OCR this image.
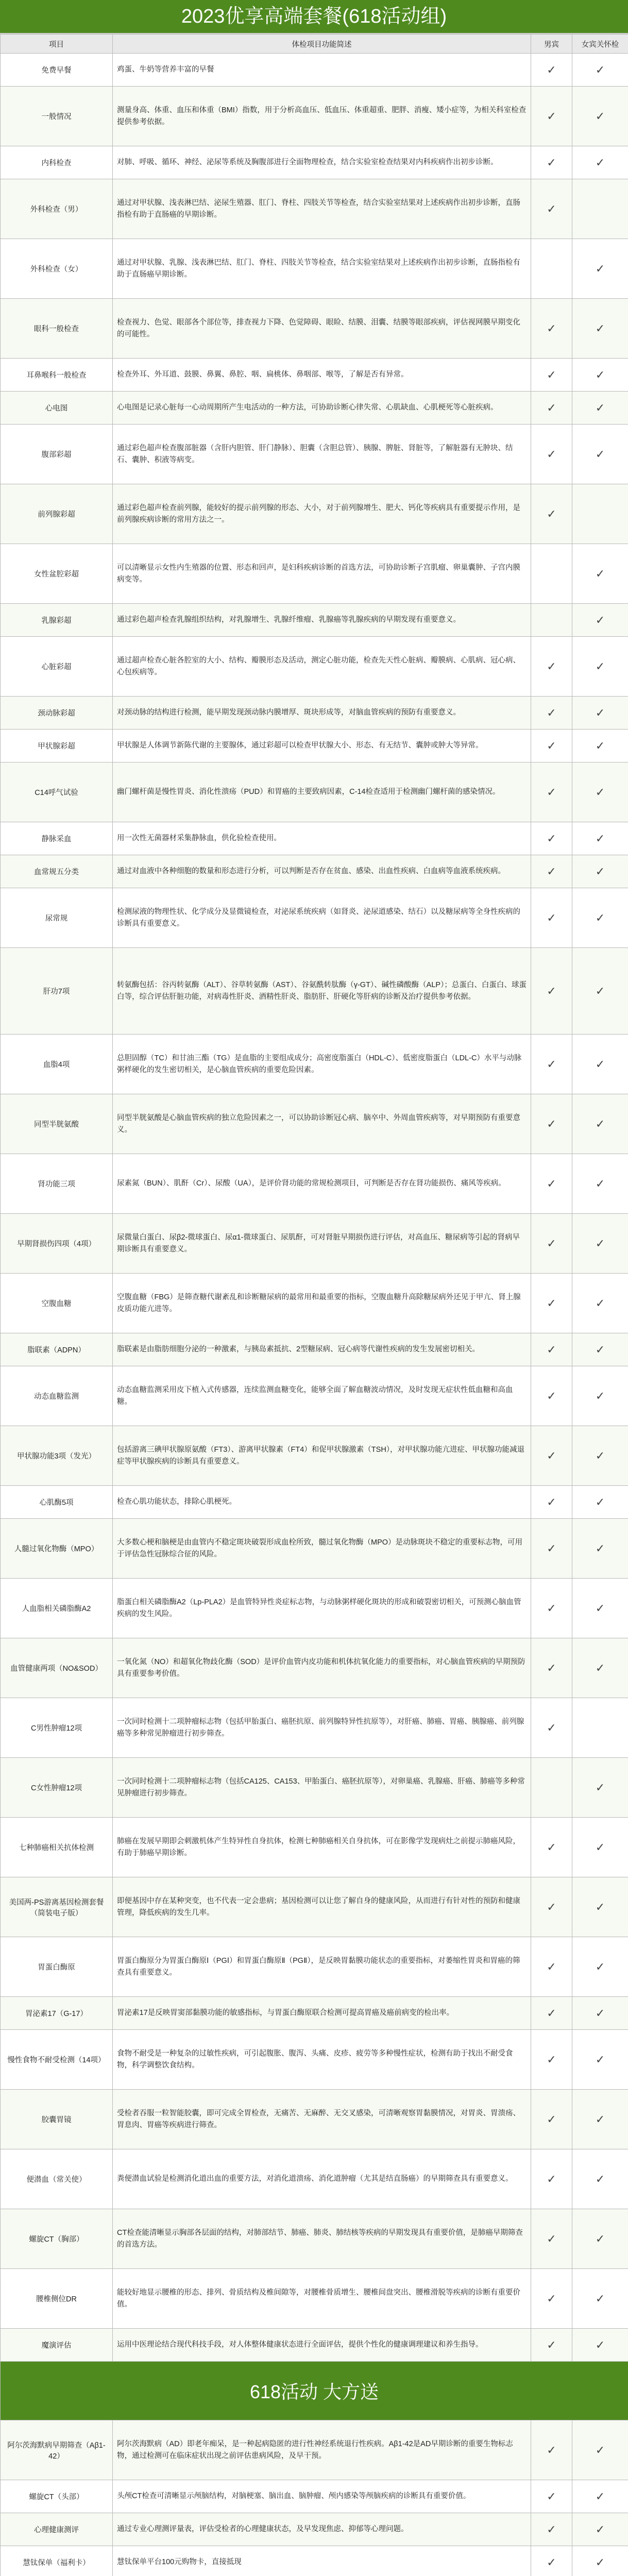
2023优享高端套餐(618活动组)
项目	体检项目功能简述	男宾	女宾关怀检
免费早餐	鸡蛋、牛奶等营养丰富的早餐	✓	✓
一般情况	测量身高、体重、血压和体重（BMI）指数，用于分析高血压、低血压、体重超重、肥胖、消瘦、矮小症等，为相关科室检查提供参考依据。	✓	✓
内科检查	对肺、呼吸、循环、神经、泌尿等系统及胸腹部进行全面物理检查，结合实验室检查结果对内科疾病作出初步诊断。	✓	✓
外科检查（男）	通过对甲状腺、浅表淋巴结、泌尿生殖器、肛门、脊柱、四肢关节等检查，结合实验室结果对上述疾病作出初步诊断，直肠指检有助于直肠癌的早期诊断。	✓	
外科检查（女）	通过对甲状腺、乳腺、浅表淋巴结、肛门、脊柱、四肢关节等检查，结合实验室结果对上述疾病作出初步诊断，直肠指检有助于直肠癌早期诊断。		✓
眼科一般检查	检查视力、色觉、眼部各个部位等，排查视力下降、色觉障碍、眼睑、结膜、泪囊、结膜等眼部疾病，评估视网膜早期变化的可能性。	✓	✓
耳鼻喉科一般检查	检查外耳、外耳道、鼓膜、鼻翼、鼻腔、咽、扁桃体、鼻咽部、喉等，了解是否有异常。	✓	✓
心电图	心电图是记录心脏每一心动周期所产生电活动的一种方法，可协助诊断心律失常、心肌缺血、心肌梗死等心脏疾病。	✓	✓
腹部彩超	通过彩色超声检查腹部脏器（含肝内胆管、肝门静脉）、胆囊（含胆总管）、胰腺、脾脏、肾脏等，了解脏器有无肿块、结石、囊肿、积液等病变。	✓	✓
前列腺彩超	通过彩色超声检查前列腺，能较好的提示前列腺的形态、大小，对于前列腺增生、肥大、钙化等疾病具有重要提示作用，是前列腺疾病诊断的常用方法之一。	✓	
女性盆腔彩超	可以清晰显示女性内生殖器的位置、形态和回声，是妇科疾病诊断的首选方法，可协助诊断子宫肌瘤、卵巢囊肿、子宫内膜病变等。		✓
乳腺彩超	通过彩色超声检查乳腺组织结构，对乳腺增生、乳腺纤维瘤、乳腺癌等乳腺疾病的早期发现有重要意义。		✓
心脏彩超	通过超声检查心脏各腔室的大小、结构、瓣膜形态及活动，测定心脏功能，检查先天性心脏病、瓣膜病、心肌病、冠心病、心包疾病等。	✓	✓
颈动脉彩超	对颈动脉的结构进行检测，能早期发现颈动脉内膜增厚、斑块形成等，对脑血管疾病的预防有重要意义。	✓	✓
甲状腺彩超	甲状腺是人体调节新陈代谢的主要腺体，通过彩超可以检查甲状腺大小、形态、有无结节、囊肿或肿大等异常。	✓	✓
C14呼气试验	幽门螺杆菌是慢性胃炎、消化性溃疡（PUD）和胃癌的主要致病因素，C-14检查适用于检测幽门螺杆菌的感染情况。	✓	✓
静脉采血	用一次性无菌器材采集静脉血，供化验检查使用。	✓	✓
血常规五分类	通过对血液中各种细胞的数量和形态进行分析，可以判断是否存在贫血、感染、出血性疾病、白血病等血液系统疾病。	✓	✓
尿常规	检测尿液的物理性状、化学成分及显微镜检查，对泌尿系统疾病（如肾炎、泌尿道感染、结石）以及糖尿病等全身性疾病的诊断具有重要意义。	✓	✓
肝功7项	转氨酶包括：谷丙转氨酶（ALT）、谷草转氨酶（AST）、谷氨酰转肽酶（γ-GT）、碱性磷酸酶（ALP）；总蛋白、白蛋白、球蛋白等，综合评估肝脏功能，对病毒性肝炎、酒精性肝炎、脂肪肝、肝硬化等肝病的诊断及治疗提供参考依据。	✓	✓
血脂4项	总胆固醇（TC）和甘油三酯（TG）是血脂的主要组成成分；高密度脂蛋白（HDL-C）、低密度脂蛋白（LDL-C）水平与动脉粥样硬化的发生密切相关，是心脑血管疾病的重要危险因素。	✓	✓
同型半胱氨酸	同型半胱氨酸是心脑血管疾病的独立危险因素之一，可以协助诊断冠心病、脑卒中、外周血管疾病等，对早期预防有重要意义。	✓	✓
肾功能三项	尿素氮（BUN）、肌酐（Cr）、尿酸（UA），是评价肾功能的常规检测项目，可判断是否存在肾功能损伤、痛风等疾病。	✓	✓
早期肾损伤四项（4项）	尿微量白蛋白、尿β2-微球蛋白、尿α1-微球蛋白、尿肌酐，可对肾脏早期损伤进行评估，对高血压、糖尿病等引起的肾病早期诊断具有重要意义。	✓	✓
空腹血糖	空腹血糖（FBG）是筛查糖代谢紊乱和诊断糖尿病的最常用和最重要的指标，空腹血糖升高除糖尿病外还见于甲亢、肾上腺皮质功能亢进等。	✓	✓
脂联素（ADPN）	脂联素是由脂肪细胞分泌的一种激素，与胰岛素抵抗、2型糖尿病、冠心病等代谢性疾病的发生发展密切相关。	✓	✓
动态血糖监测	动态血糖监测采用皮下植入式传感器，连续监测血糖变化，能够全面了解血糖波动情况，及时发现无症状性低血糖和高血糖。	✓	✓
甲状腺功能3项（发光）	包括游离三碘甲状腺原氨酸（FT3）、游离甲状腺素（FT4）和促甲状腺激素（TSH），对甲状腺功能亢进症、甲状腺功能减退症等甲状腺疾病的诊断具有重要意义。	✓	✓
心肌酶5项	检查心肌功能状态，排除心肌梗死。	✓	✓
人髓过氧化物酶（MPO）	大多数心梗和脑梗是由血管内不稳定斑块破裂形成血栓所致，髓过氧化物酶（MPO）是动脉斑块不稳定的重要标志物，可用于评估急性冠脉综合征的风险。	✓	✓
人血脂相关磷脂酶A2	脂蛋白相关磷脂酶A2（Lp-PLA2）是血管特异性炎症标志物，与动脉粥样硬化斑块的形成和破裂密切相关，可预测心脑血管疾病的发生风险。	✓	✓
血管健康两项（NO&SOD）	一氧化氮（NO）和超氧化物歧化酶（SOD）是评价血管内皮功能和机体抗氧化能力的重要指标，对心脑血管疾病的早期预防具有重要参考价值。	✓	✓
C男性肿瘤12项	一次同时检测十二项肿瘤标志物（包括甲胎蛋白、癌胚抗原、前列腺特异性抗原等），对肝癌、肺癌、胃癌、胰腺癌、前列腺癌等多种常见肿瘤进行初步筛查。	✓	
C女性肿瘤12项	一次同时检测十二项肿瘤标志物（包括CA125、CA153、甲胎蛋白、癌胚抗原等），对卵巢癌、乳腺癌、肝癌、肺癌等多种常见肿瘤进行初步筛查。		✓
七种肺癌相关抗体检测	肺癌在发展早期即会刺激机体产生特异性自身抗体，检测七种肺癌相关自身抗体，可在影像学发现病灶之前提示肺癌风险，有助于肺癌早期诊断。	✓	✓
美国两-PS游离基因检测套餐（简装电子版）	即便基因中存在某种突变，也不代表一定会患病；基因检测可以让您了解自身的健康风险，从而进行有针对性的预防和健康管理，降低疾病的发生几率。	✓	✓
胃蛋白酶原	胃蛋白酶原分为胃蛋白酶原Ⅰ（PGⅠ）和胃蛋白酶原Ⅱ（PGⅡ），是反映胃黏膜功能状态的重要指标，对萎缩性胃炎和胃癌的筛查具有重要意义。	✓	✓
胃泌素17（G-17）	胃泌素17是反映胃窦部黏膜功能的敏感指标，与胃蛋白酶原联合检测可提高胃癌及癌前病变的检出率。	✓	✓
慢性食物不耐受检测（14项）	食物不耐受是一种复杂的过敏性疾病，可引起腹胀、腹泻、头痛、皮疹、疲劳等多种慢性症状，检测有助于找出不耐受食物，科学调整饮食结构。	✓	✓
胶囊胃镜	受检者吞服一粒智能胶囊，即可完成全胃检查，无痛苦、无麻醉、无交叉感染，可清晰观察胃黏膜情况，对胃炎、胃溃疡、胃息肉、胃癌等疾病进行筛查。	✓	✓
便潜血（常关使）	粪便潜血试验是检测消化道出血的重要方法，对消化道溃疡、消化道肿瘤（尤其是结直肠癌）的早期筛查具有重要意义。	✓	✓
螺旋CT（胸部）	CT检查能清晰显示胸部各层面的结构，对肺部结节、肺癌、肺炎、肺结核等疾病的早期发现具有重要价值，是肺癌早期筛查的首选方法。	✓	✓
腰椎侧位DR	能较好地显示腰椎的形态、排列、骨质结构及椎间隙等，对腰椎骨质增生、腰椎间盘突出、腰椎滑脱等疾病的诊断有重要价值。	✓	✓
魔演评估	运用中医理论结合现代科技手段，对人体整体健康状态进行全面评估，提供个性化的健康调理建议和养生指导。	✓	✓
618活动 大方送			
阿尔茨海默病早期筛查（Aβ1-42）	阿尔茨海默病（AD）即老年痴呆，是一种起病隐匿的进行性神经系统退行性疾病。Aβ1-42是AD早期诊断的重要生物标志物，通过检测可在临床症状出现之前评估患病风险，及早干预。	✓	✓
螺旋CT（头部）	头颅CT检查可清晰显示颅脑结构，对脑梗塞、脑出血、脑肿瘤、颅内感染等颅脑疾病的诊断具有重要价值。	✓	✓
心理健康测评	通过专业心理测评量表，评估受检者的心理健康状态，及早发现焦虑、抑郁等心理问题。	✓	✓
慧钛保单（福利卡）	慧钛保单平台100元购物卡，直接抵现	✓	✓
